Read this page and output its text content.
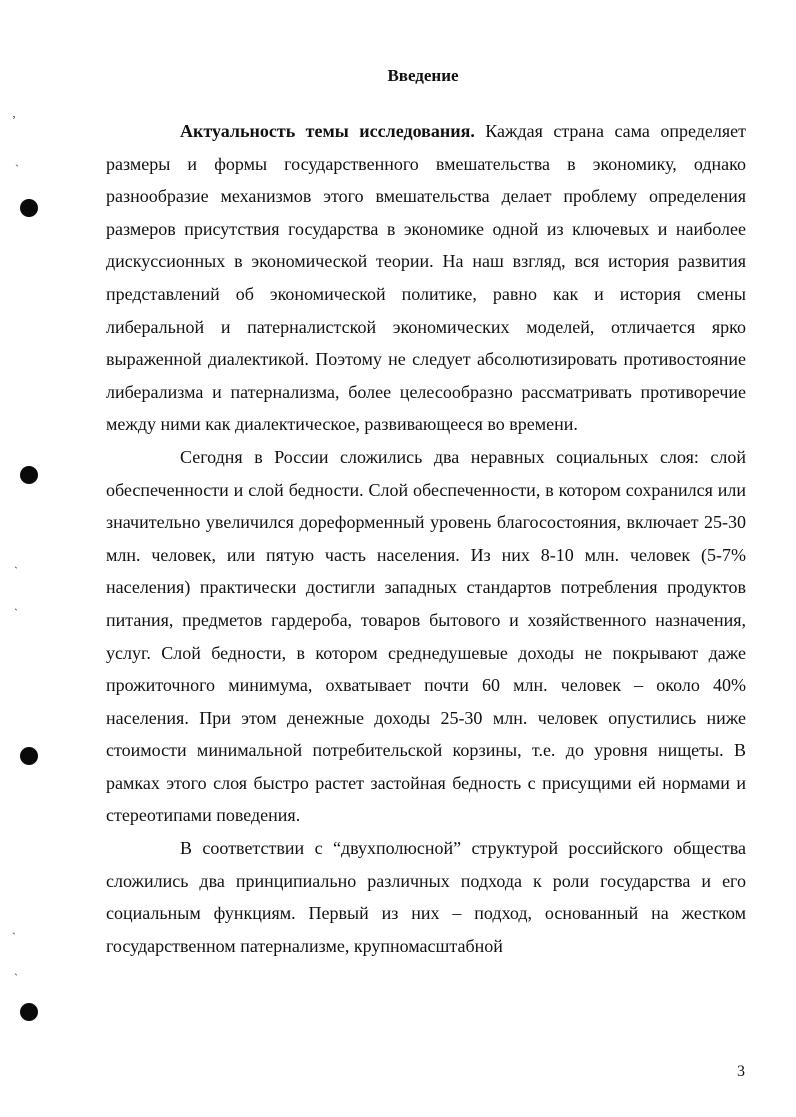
ʼ
ˎ
ˎ
ˎ
ˎ
ˎ
Введение

Актуальность темы исследования. Каждая страна сама определяет размеры и формы государственного вмешательства в экономику, однако разнообразие механизмов этого вмешательства делает проблему определения размеров присутствия государства в экономике одной из ключевых и наиболее дискуссионных в экономической теории. На наш взгляд, вся история развития представлений об экономической политике, равно как и история смены либеральной и патерналистской экономических моделей, отличается ярко выраженной диалектикой. Поэтому не следует абсолютизировать противостояние либерализма и патернализма, более целесообразно рассматривать противоречие между ними как диалектическое, развивающееся во времени.

Сегодня в России сложились два неравных социальных слоя: слой обеспеченности и слой бедности. Слой обеспеченности, в котором сохранился или значительно увеличился дореформенный уровень благосостояния, включает 25-30 млн. человек, или пятую часть населения. Из них 8-10 млн. человек (5-7% населения) практически достигли западных стандартов потребления продуктов питания, предметов гардероба, товаров бытового и хозяйственного назначения, услуг. Слой бедности, в котором среднедушевые доходы не покрывают даже прожиточного минимума, охватывает почти 60 млн. человек – около 40% населения. При этом денежные доходы 25-30 млн. человек опустились ниже стоимости минимальной потребительской корзины, т.е. до уровня нищеты. В рамках этого слоя быстро растет застойная бедность с присущими ей нормами и стереотипами поведения.

В соответствии с “двухполюсной” структурой российского общества сложились два принципиально различных подхода к роли государства и его социальным функциям. Первый из них – подход, основанный на жестком государственном патернализме, крупномасштабной

3
